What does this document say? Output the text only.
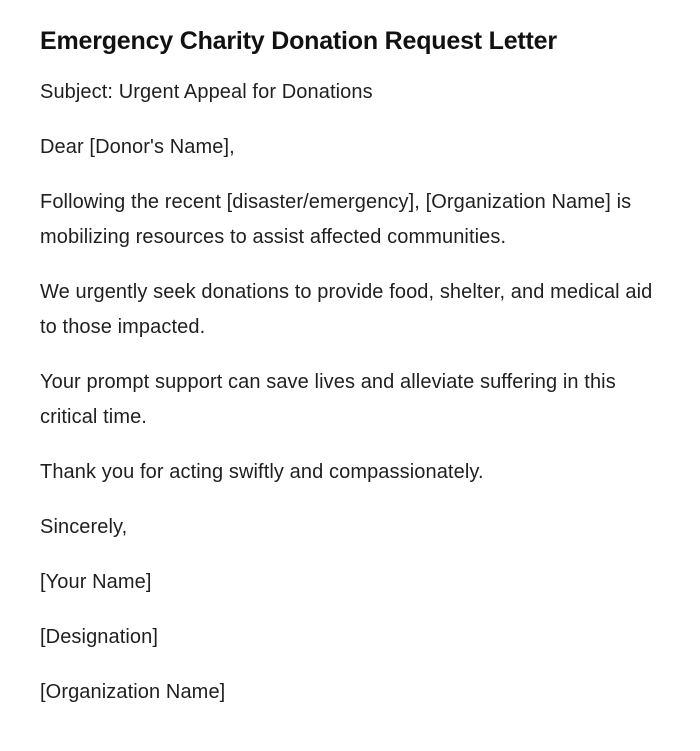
Emergency Charity Donation Request Letter

Subject: Urgent Appeal for Donations

Dear [Donor's Name],

Following the recent [disaster/emergency], [Organization Name] is mobilizing resources to assist affected communities.

We urgently seek donations to provide food, shelter, and medical aid to those impacted.

Your prompt support can save lives and alleviate suffering in this critical time.

Thank you for acting swiftly and compassionately.

Sincerely,

[Your Name]

[Designation]

[Organization Name]
